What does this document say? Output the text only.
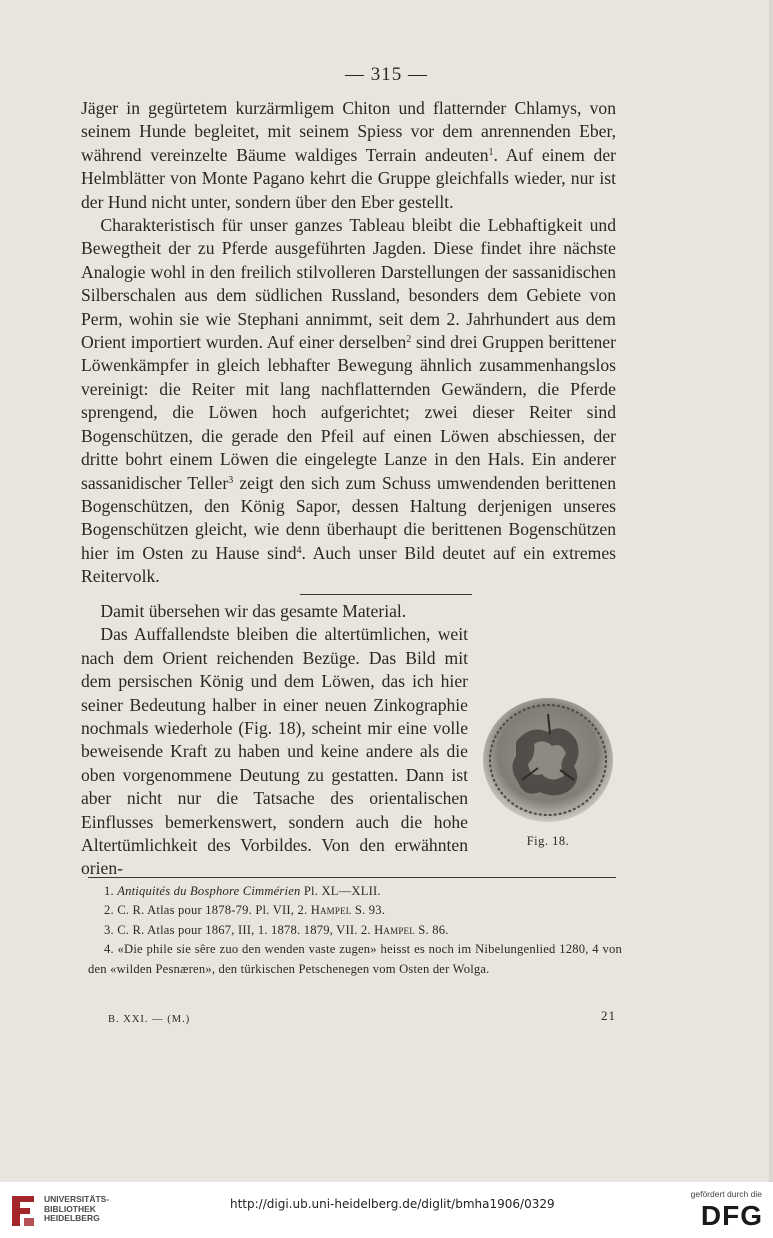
— 315 —

Jäger in gegürtetem kurzärmligem Chiton und flatternder Chlamys, von seinem Hunde begleitet, mit seinem Spiess vor dem anrennenden Eber, während vereinzelte Bäume waldiges Terrain andeuten$^1$. Auf einem der Helmblätter von Monte Pagano kehrt die Gruppe gleichfalls wieder, nur ist der Hund nicht unter, sondern über den Eber gestellt.

Charakteristisch für unser ganzes Tableau bleibt die Lebhaftigkeit und Bewegtheit der zu Pferde ausgeführten Jagden. Diese findet ihre nächste Analogie wohl in den freilich stilvolleren Darstellungen der sassanidischen Silberschalen aus dem südlichen Russland, besonders dem Gebiete von Perm, wohin sie wie Stephani annimmt, seit dem 2. Jahrhundert aus dem Orient importiert wurden. Auf einer derselben$^2$ sind drei Gruppen berittener Löwenkämpfer in gleich lebhafter Bewegung ähnlich zusammenhangslos vereinigt: die Reiter mit lang nachflatternden Gewändern, die Pferde sprengend, die Löwen hoch aufgerichtet; zwei dieser Reiter sind Bogenschützen, die gerade den Pfeil auf einen Löwen abschiessen, der dritte bohrt einem Löwen die eingelegte Lanze in den Hals. Ein anderer sassanidischer Teller$^3$ zeigt den sich zum Schuss umwendenden berittenen Bogenschützen, den König Sapor, dessen Haltung derjenigen unseres Bogenschützen gleicht, wie denn überhaupt die berittenen Bogenschützen hier im Osten zu Hause sind$^4$. Auch unser Bild deutet auf ein extremes Reitervolk.

Damit übersehen wir das gesamte Material.

Das Auffallendste bleiben die altertümlichen, weit nach dem Orient reichenden Bezüge. Das Bild mit dem persischen König und dem Löwen, das ich hier seiner Bedeutung halber in einer neuen Zinkographie nochmals wiederhole (Fig. 18), scheint mir eine volle beweisende Kraft zu haben und keine andere als die oben vorgenommene Deutung zu gestatten. Dann ist aber nicht nur die Tatsache des orientalischen Einflusses bemerkenswert, sondern auch die hohe Altertümlichkeit des Vorbildes. Von den erwähnten orien-

Fig. 18.
1. Antiquités du Bosphore Cimmérien Pl. XL—XLII.
2. C. R. Atlas pour 1878-79. Pl. VII, 2. Hampel S. 93.
3. C. R. Atlas pour 1867, III, 1. 1878. 1879, VII. 2. Hampel S. 86.
4. «Die phile sie sêre zuo den wenden vaste zugen» heisst es noch im Nibelungenlied 1280, 4 von den «wilden Pesnæren», den türkischen Petschenegen vom Osten der Wolga.
B. XXI. — (M.)	21
UNIVERSITÄTS-
BIBLIOTHEK
HEIDELBERG
http://digi.ub.uni-heidelberg.de/diglit/bmha1906/0329
gefördert durch die
DFG
